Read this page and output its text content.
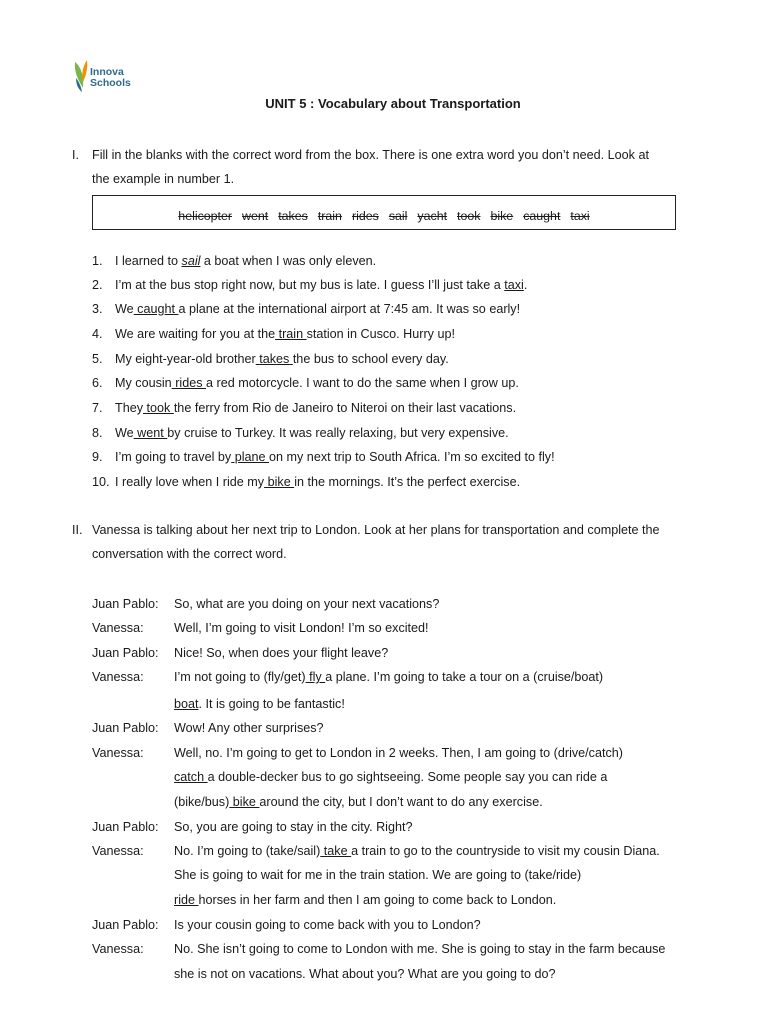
Innova
Schools
UNIT 5 : Vocabulary about Transportation
I. Fill in the blanks with the correct word from the box. There is one extra word you don’t need. Look at
the example in number 1.
helicopter went takes train rides sail yacht took bike caught taxi
1. I learned to sail a boat when I was only eleven.
2. I’m at the bus stop right now, but my bus is late. I guess I’ll just take a taxi.
3. We caught a plane at the international airport at 7:45 am. It was so early!
4. We are waiting for you at the train station in Cusco. Hurry up!
5. My eight-year-old brother takes the bus to school every day.
6. My cousin rides a red motorcycle. I want to do the same when I grow up.
7. They took the ferry from Rio de Janeiro to Niteroi on their last vacations.
8. We went by cruise to Turkey. It was really relaxing, but very expensive.
9. I’m going to travel by plane on my next trip to South Africa. I’m so excited to fly!
10. I really love when I ride my bike in the mornings. It’s the perfect exercise.
II. Vanessa is talking about her next trip to London. Look at her plans for transportation and complete the
conversation with the correct word.
Juan Pablo: So, what are you doing on your next vacations?
Vanessa: Well, I’m going to visit London! I’m so excited!
Juan Pablo: Nice! So, when does your flight leave?
Vanessa: I’m not going to (fly/get) fly a plane. I’m going to take a tour on a (cruise/boat)
boat. It is going to be fantastic!
Juan Pablo: Wow! Any other surprises?
Vanessa: Well, no. I’m going to get to London in 2 weeks. Then, I am going to (drive/catch)
catch a double-decker bus to go sightseeing. Some people say you can ride a
(bike/bus) bike around the city, but I don’t want to do any exercise.
Juan Pablo: So, you are going to stay in the city. Right?
Vanessa: No. I’m going to (take/sail) take a train to go to the countryside to visit my cousin Diana.
She is going to wait for me in the train station. We are going to (take/ride)
ride horses in her farm and then I am going to come back to London.
Juan Pablo: Is your cousin going to come back with you to London?
Vanessa: No. She isn’t going to come to London with me. She is going to stay in the farm because
she is not on vacations. What about you? What are you going to do?
